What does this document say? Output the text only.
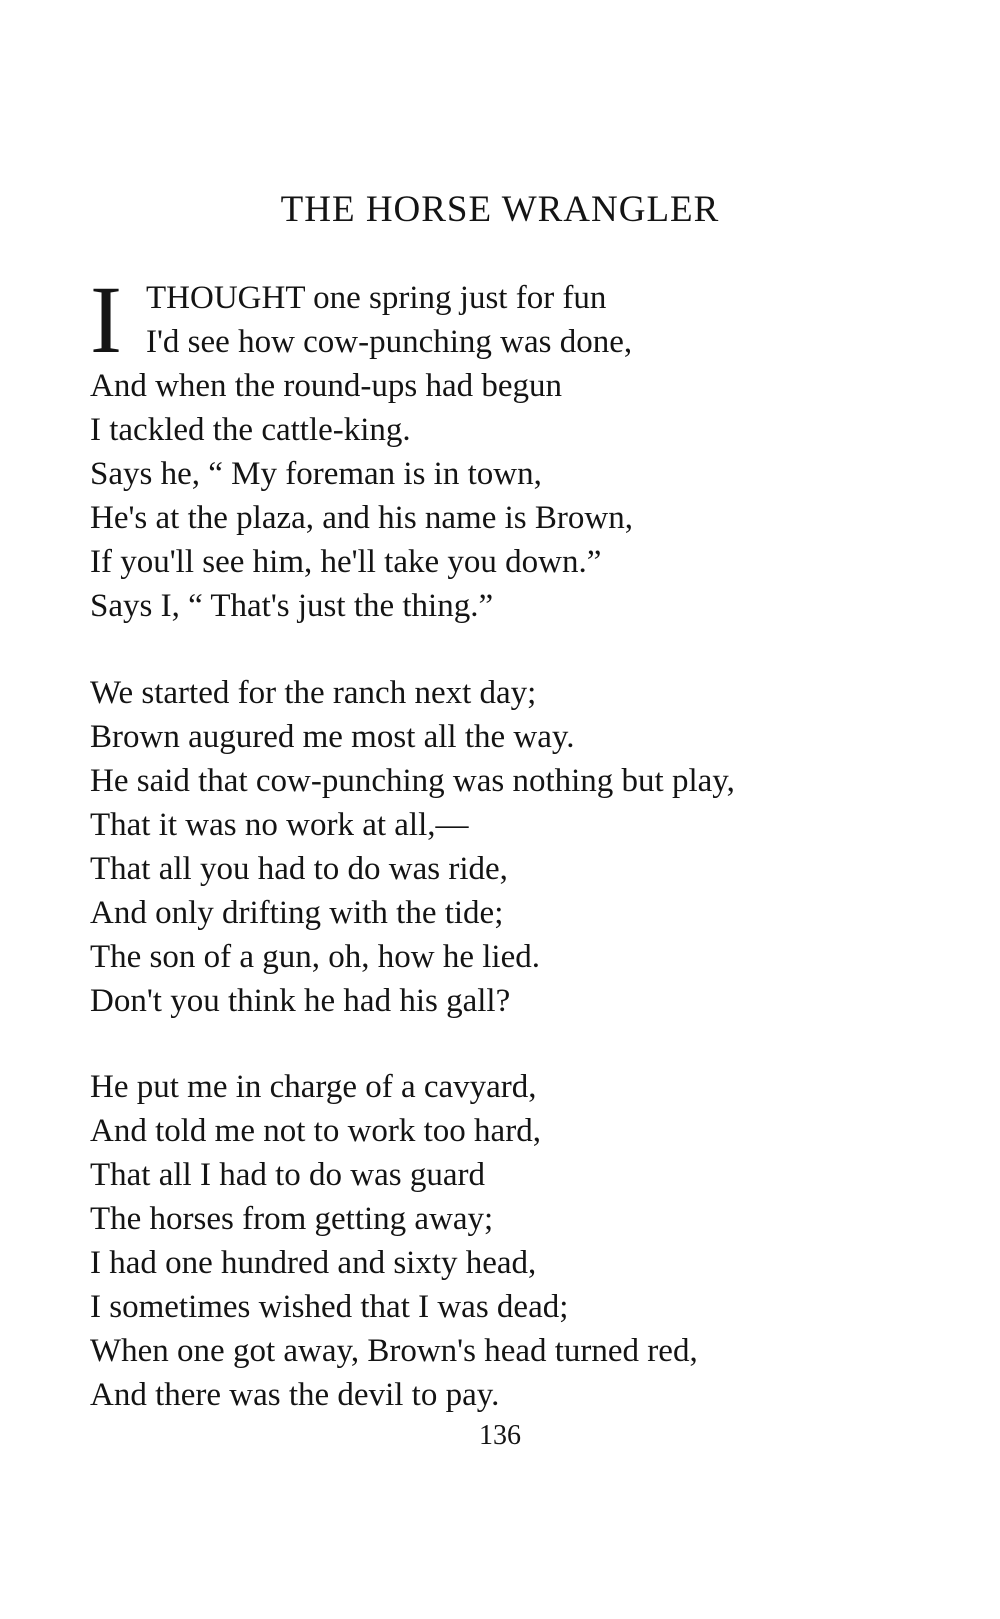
THE HORSE WRANGLER
I THOUGHT one spring just for fun
I'd see how cow-punching was done,
And when the round-ups had begun
I tackled the cattle-king.
Says he, “ My foreman is in town,
He's at the plaza, and his name is Brown,
If you'll see him, he'll take you down.”
Says I, “ That's just the thing.”
We started for the ranch next day;
Brown augured me most all the way.
He said that cow-punching was nothing but play,
That it was no work at all,—
That all you had to do was ride,
And only drifting with the tide;
The son of a gun, oh, how he lied.
Don't you think he had his gall?
He put me in charge of a cavyard,
And told me not to work too hard,
That all I had to do was guard
The horses from getting away;
I had one hundred and sixty head,
I sometimes wished that I was dead;
When one got away, Brown's head turned red,
And there was the devil to pay.
136
